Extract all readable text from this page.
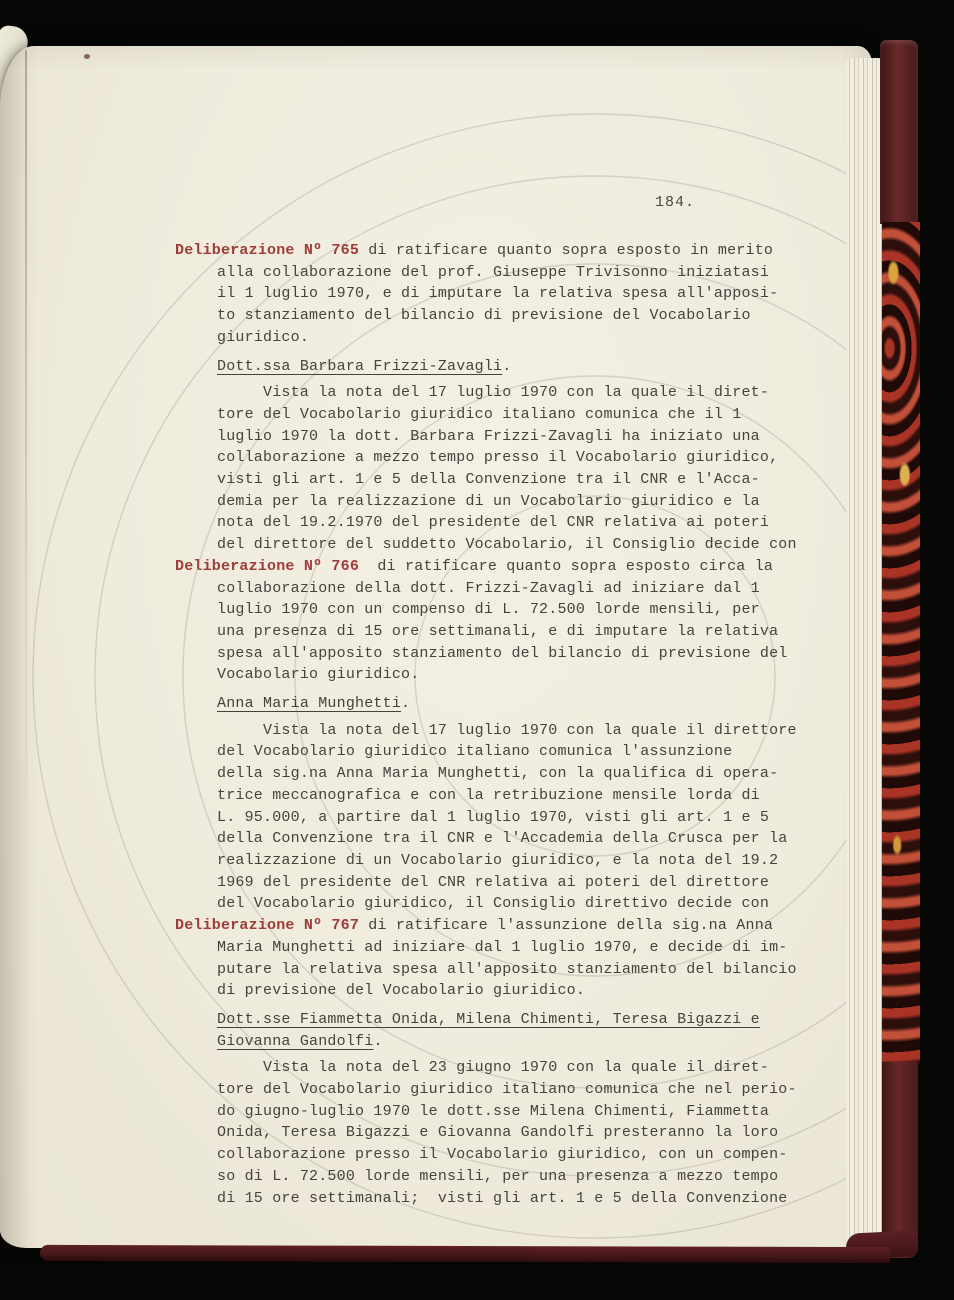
184.
Deliberazione Nº 765 di ratificare quanto sopra esposto in merito
alla collaborazione del prof. Giuseppe Trivisonno iniziatasi
il 1 luglio 1970, e di imputare la relativa spesa all'apposi-
to stanziamento del bilancio di previsione del Vocabolario
giuridico.
Dott.ssa Barbara Frizzi-Zavagli.
Vista la nota del 17 luglio 1970 con la quale il diret-
tore del Vocabolario giuridico italiano comunica che il 1
luglio 1970 la dott. Barbara Frizzi-Zavagli ha iniziato una
collaborazione a mezzo tempo presso il Vocabolario giuridico,
visti gli art. 1 e 5 della Convenzione tra il CNR e l'Acca-
demia per la realizzazione di un Vocabolario giuridico e la
nota del 19.2.1970 del presidente del CNR relativa ai poteri
del direttore del suddetto Vocabolario, il Consiglio decide con
Deliberazione Nº 766  di ratificare quanto sopra esposto circa la
collaborazione della dott. Frizzi-Zavagli ad iniziare dal 1
luglio 1970 con un compenso di L. 72.500 lorde mensili, per
una presenza di 15 ore settimanali, e di imputare la relativa
spesa all'apposito stanziamento del bilancio di previsione del
Vocabolario giuridico.
Anna Maria Munghetti.
Vista la nota del 17 luglio 1970 con la quale il direttore
del Vocabolario giuridico italiano comunica l'assunzione
della sig.na Anna Maria Munghetti, con la qualifica di opera-
trice meccanografica e con la retribuzione mensile lorda di
L. 95.000, a partire dal 1 luglio 1970, visti gli art. 1 e 5
della Convenzione tra il CNR e l'Accademia della Crusca per la
realizzazione di un Vocabolario giuridico, e la nota del 19.2
1969 del presidente del CNR relativa ai poteri del direttore
del Vocabolario giuridico, il Consiglio direttivo decide con
Deliberazione Nº 767 di ratificare l'assunzione della sig.na Anna
Maria Munghetti ad iniziare dal 1 luglio 1970, e decide di im-
putare la relativa spesa all'apposito stanziamento del bilancio
di previsione del Vocabolario giuridico.
Dott.sse Fiammetta Onida, Milena Chimenti, Teresa Bigazzi e
Giovanna Gandolfi.
Vista la nota del 23 giugno 1970 con la quale il diret-
tore del Vocabolario giuridico italiano comunica che nel perio-
do giugno-luglio 1970 le dott.sse Milena Chimenti, Fiammetta
Onida, Teresa Bigazzi e Giovanna Gandolfi presteranno la loro
collaborazione presso il Vocabolario giuridico, con un compen-
so di L. 72.500 lorde mensili, per una presenza a mezzo tempo
di 15 ore settimanali;  visti gli art. 1 e 5 della Convenzione
